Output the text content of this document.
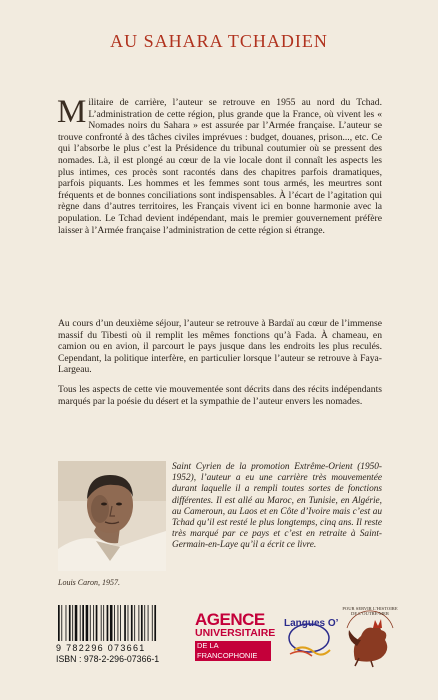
AU SAHARA TCHADIEN
Militaire de carrière, l’auteur se retrouve en 1955 au nord du Tchad. L’administration de cette région, plus grande que la France, où vivent les « Nomades noirs du Sahara » est assurée par l’Armée française. L’auteur se trouve confronté à des tâches civiles imprévues : budget, douanes, prison..., etc. Ce qui l’absorbe le plus c’est la Présidence du tribunal coutumier où se pressent des nomades. Là, il est plongé au cœur de la vie locale dont il connaît les aspects les plus intimes, ces procès sont racontés dans des chapitres parfois dramatiques, parfois piquants. Les hommes et les femmes sont tous armés, les meurtres sont fréquents et de bonnes conciliations sont indispensables. À l’écart de l’agitation qui règne dans d’autres territoires, les Français vivent ici en bonne harmonie avec la population. Le Tchad devient indépendant, mais le premier gouvernement préfère laisser à l’Armée française l’administration de cette région si étrange.
Au cours d’un deuxième séjour, l’auteur se retrouve à Bardaï au cœur de l’immense massif du Tibesti où il remplit les mêmes fonctions qu’à Fada. À chameau, en camion ou en avion, il parcourt le pays jusque dans les endroits les plus reculés. Cependant, la politique interfère, en particulier lorsque l’auteur se retrouve à Faya-Largeau.
Tous les aspects de cette vie mouvementée sont décrits dans des récits indépendants marqués par la poésie du désert et la sympathie de l’auteur envers les nomades.
Louis Caron, 1957.
Saint Cyrien de la promotion Extrême-Orient (1950-1952), l’auteur a eu une carrière très mouvementée durant laquelle il a rempli toutes sortes de fonctions différentes. Il est allé au Maroc, en Tunisie, en Algérie, au Cameroun, au Laos et en Côte d’Ivoire mais c’est au Tchad qu’il est resté le plus longtemps, cinq ans. Il reste très marqué par ce pays et c’est en retraite à Saint-Germain-en-Laye qu’il a écrit ce livre.
9 782296 073661
ISBN : 978-2-296-07366-1
AGENCE
UNIVERSITAIRE
DE LA FRANCOPHONIE
Langues O’
POUR SERVIR L’HISTOIRE DE L’OUTRE-MER
